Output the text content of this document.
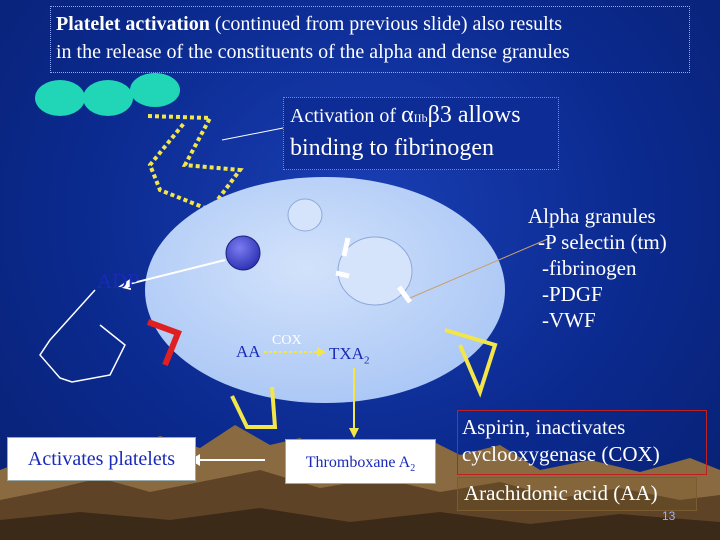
Platelet activation (continued from previous slide) also results
in the release of the constituents of the alpha and dense granules
Activation of αIIbβ3 allows
binding to fibrinogen
Alpha granules
-P selectin (tm)
-fibrinogen
-PDGF
-VWF
ADP
AA
COX
$TXA_2$
Activates platelets	Thromboxane $A_2$
Aspirin, inactivates
cyclooxygenase (COX)
Arachidonic acid (AA)
13
